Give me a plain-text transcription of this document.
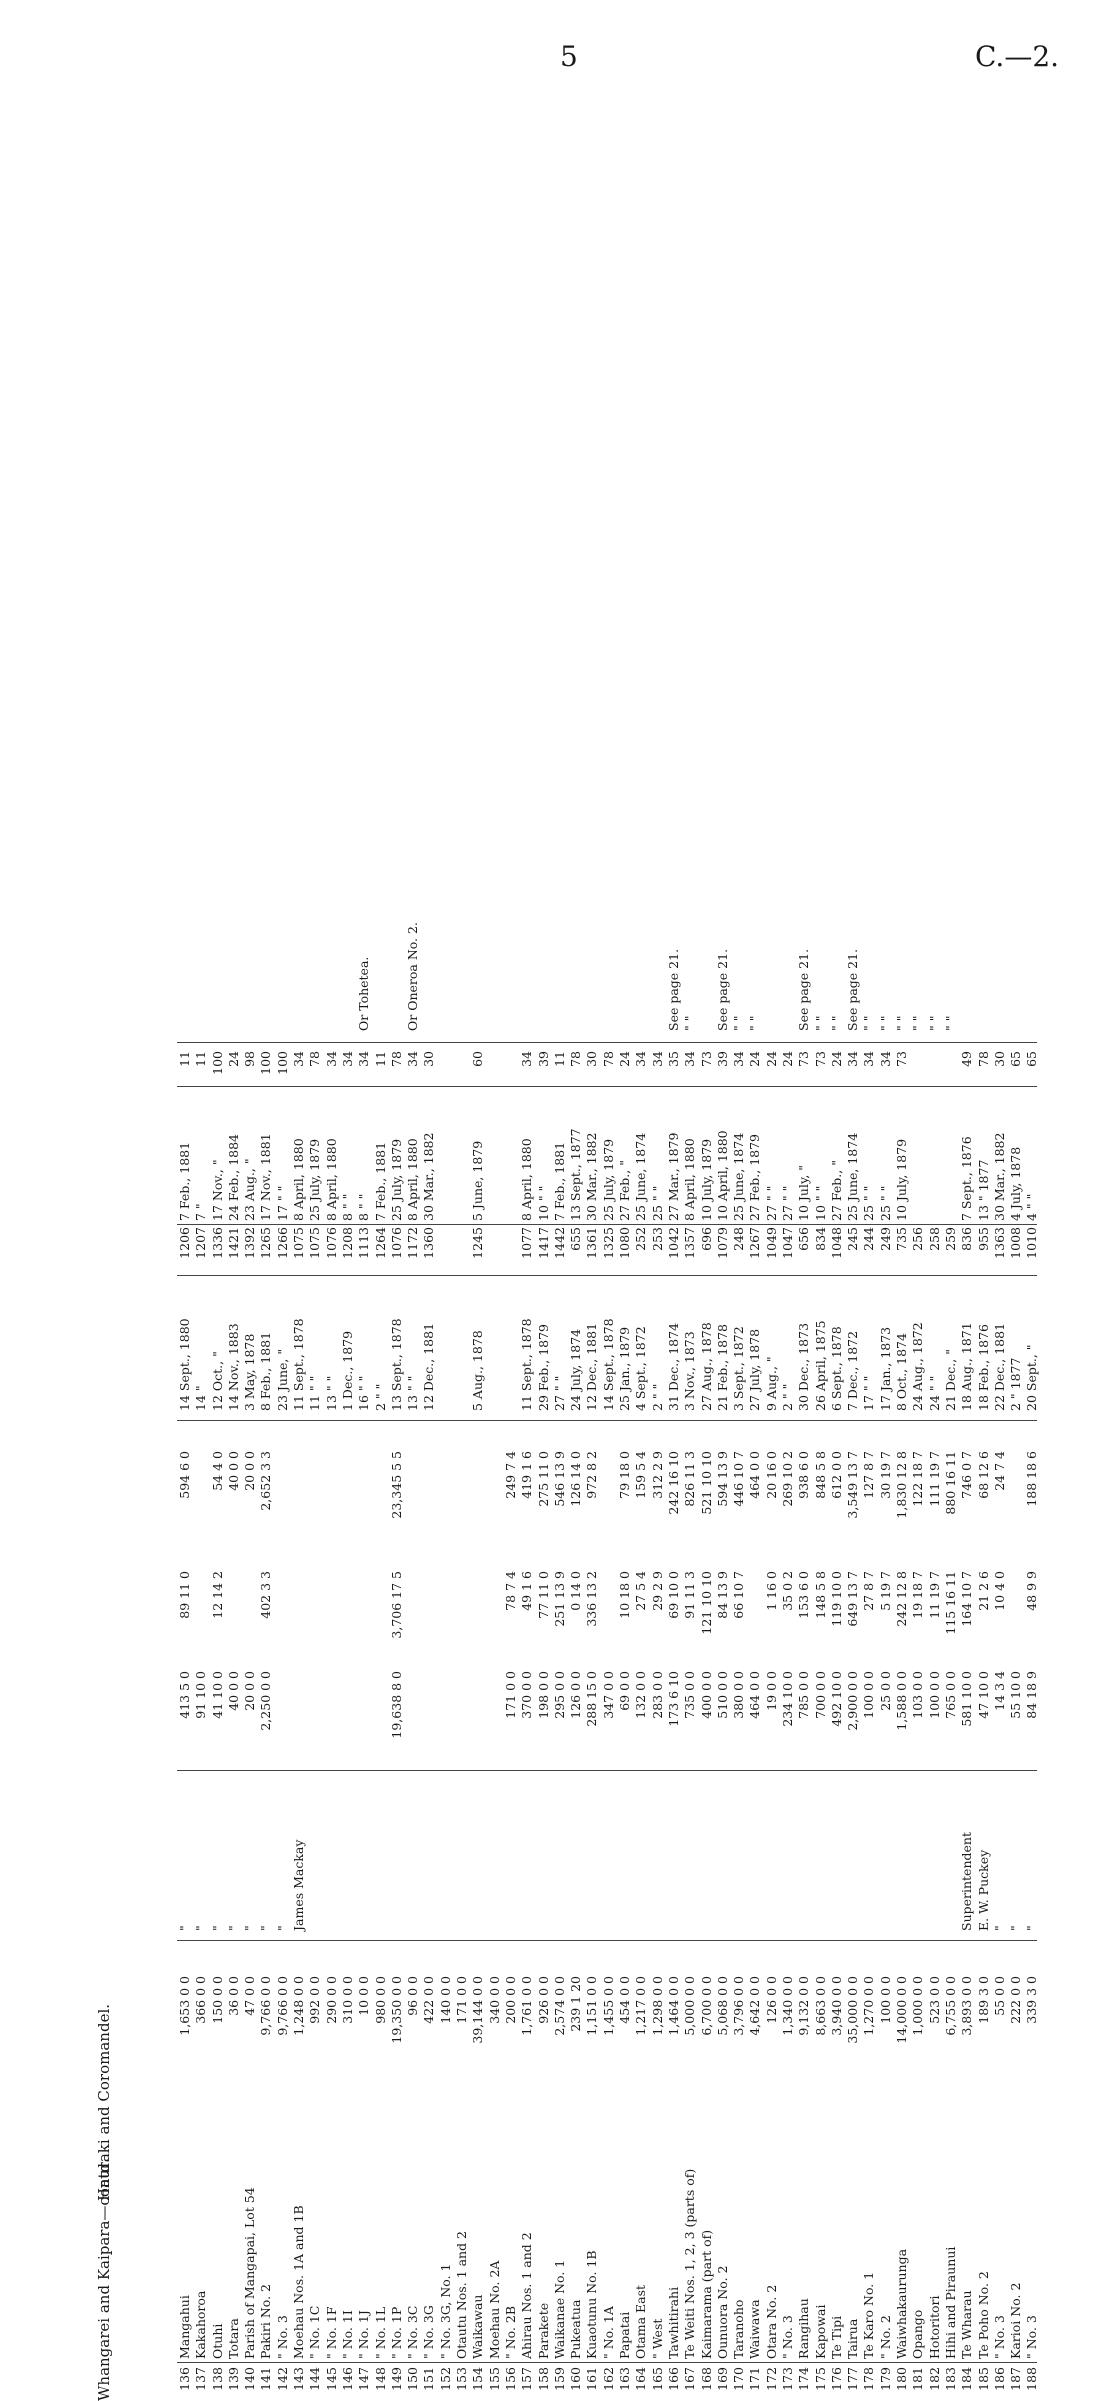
5	C.—2.
Whangarei and Kaipara—contd.
Hauraki and Coromandel.
136
Mangahui
1,653 0 0
"
413 5 0
89 11 0
594 6 0
14 Sept., 1880
1206
7 Feb., 1881
11
137
Kakahorоа
366 0 0
"
91 10 0
14 "
1207
7 "
11
138
Otuhi
150 0 0
"
41 10 0
12 14 2
54 4 0
12 Oct., "
1336
17 Nov., "
100
139
Totara
36 0 0
"
40 0 0
40 0 0
14 Nov., 1883
1421
24 Feb., 1884
24
140
Parish of Mangapai, Lot 54
47 0 0
"
20 0 0
20 0 0
3 May, 1878
1392
23 Aug., "
98
141
Pakiri No. 2
9,766 0 0
"
2,250 0 0
402 3 3
2,652 3 3
8 Feb., 1881
1265
17 Nov., 1881
100
142
" No. 3
9,766 0 0
"
23 June, "
1266
17 " "
100
143
Moehau Nos. 1A and 1B
1,248 0 0
James Mackay
11 Sept., 1878
1075
8 April, 1880
34
144
" No. 1C
992 0 0
11 " "
1075
25 July, 1879
78
145
" No. 1F
290 0 0
13 " "
1076
8 April, 1880
34
146
" No. 1I
310 0 0
1 Dec., 1879
1208
8 " "
34
147
" No. 1J
10 0 0
16 " "
1113
8 " "
34
Or Tohetea.
148
" No. 1L
980 0 0
2 " "
1264
7 Feb., 1881
11
149
" No. 1P
19,350 0 0
19,638 8 0
3,706 17 5
23,345 5 5
13 Sept., 1878
1076
25 July, 1879
78
150
" No. 3C
96 0 0
13 " "
1172
8 April, 1880
34
Or Oneroa No. 2.
151
" No. 3G
422 0 0
12 Dec., 1881
1360
30 Mar., 1882
30
152
" No. 3G, No. 1
140 0 0
153
Otautu Nos. 1 and 2
171 0 0
154
Waikawau
39,144 0 0
5 Aug., 1878
1245
5 June, 1879
60
155
Moehau No. 2A
340 0 0
156
" No. 2B
200 0 0
171 0 0
78 7 4
249 7 4
157
Ahirau Nos. 1 and 2
1,761 0 0
370 0 0
49 1 6
419 1 6
11 Sept., 1878
1077
8 April, 1880
34
158
Parakete
926 0 0
198 0 0
77 11 0
275 11 0
29 Feb., 1879
1417
10 " "
39
159
Waikanae No. 1
2,574 0 0
295 0 0
251 13 9
546 13 9
27 " "
1442
7 Feb., 1881
11
160
Pukeatua
239 1 20
126 0 0
0 14 0
126 14 0
24 July, 1874
655
13 Sept., 1877
78
161
Kuaotunu No. 1B
1,151 0 0
288 15 0
336 13 2
972 8 2
12 Dec., 1881
1361
30 Mar., 1882
30
162
" No. 1A
1,455 0 0
347 0 0
14 Sept., 1878
1325
25 July, 1879
78
163
Papatai
454 0 0
69 0 0
10 18 0
79 18 0
25 Jan., 1879
1080
27 Feb., "
24
164
Otama East
1,217 0 0
132 0 0
27 5 4
159 5 4
4 Sept., 1872
252
25 June, 1874
34
165
" West
1,298 0 0
283 0 0
29 2 9
312 2 9
2 " "
253
25 " "
34
166
Tawhitirahi
1,464 0 0
173 6 10
69 10 0
242 16 10
31 Dec., 1874
1042
27 Mar., 1879
35
See page 21.
167
Te Weiti Nos. 1, 2, 3 (parts of)
5,000 0 0
735 0 0
91 11 3
826 11 3
3 Nov., 1873
1357
8 April, 1880
34
" "
168
Kaimarama (part of)
6,700 0 0
400 0 0
121 10 10
521 10 10
27 Aug., 1878
696
10 July, 1879
73
169
Ounuora No. 2
5,068 0 0
510 0 0
84 13 9
594 13 9
21 Feb., 1878
1079
10 April, 1880
39
See page 21.
170
Taranoho
3,796 0 0
380 0 0
66 10 7
446 10 7
3 Sept., 1872
248
25 June, 1874
34
" "
171
Waiwawa
4,642 0 0
464 0 0
464 0 0
27 July, 1878
1267
27 Feb., 1879
24
" "
172
Otara No. 2
126 0 0
19 0 0
1 16 0
20 16 0
9 Aug., "
1049
27 " "
24
173
" No. 3
1,340 0 0
234 10 0
35 0 2
269 10 2
2 " "
1047
27 " "
24
174
Rangihau
9,132 0 0
785 0 0
153 6 0
938 6 0
30 Dec., 1873
656
10 July, "
73
See page 21.
175
Kapowai
8,663 0 0
700 0 0
148 5 8
848 5 8
26 April, 1875
834
10 " "
73
" "
176
Te Tipi
3,940 0 0
492 10 0
119 10 0
612 0 0
6 Sept., 1878
1048
27 Feb., "
24
" "
177
Tairua
35,000 0 0
2,900 0 0
649 13 7
3,549 13 7
7 Dec., 1872
245
25 June, 1874
34
See page 21.
178
Te Karo No. 1
1,270 0 0
100 0 0
27 8 7
127 8 7
17 " "
244
25 " "
34
" "
179
" No. 2
100 0 0
25 0 0
5 19 7
30 19 7
17 Jan., 1873
249
25 " "
34
" "
180
Waiwhakaurunga
14,000 0 0
1,588 0 0
242 12 8
1,830 12 8
8 Oct., 1874
735
10 July, 1879
73
" "
181
Opango
1,000 0 0
103 0 0
19 18 7
122 18 7
24 Aug., 1872
256
" "
182
Hotoritori
523 0 0
100 0 0
11 19 7
111 19 7
24 " "
258
" "
183
Hihi and Piraunui
6,755 0 0
765 0 0
115 16 11
880 16 11
21 Dec., "
259
" "
184
Te Wharau
3,893 0 0
Superintendent
581 10 0
164 10 7
746 0 7
18 Aug., 1871
836
7 Sept., 1876
49
185
Te Poho No. 2
189 3 0
E. W. Puckey
47 10 0
21 2 6
68 12 6
18 Feb., 1876
955
13 " 1877
78
186
" No. 3
55 0 0
"
14 3 4
10 4 0
24 7 4
22 Dec., 1881
1363
30 Mar., 1882
30
187
Karioi No. 2
222 0 0
"
55 10 0
2 " 1877
1008
4 July, 1878
65
188
" No. 3
339 3 0
"
84 18 9
48 9 9
188 18 6
20 Sept., "
1010
4 " "
65
